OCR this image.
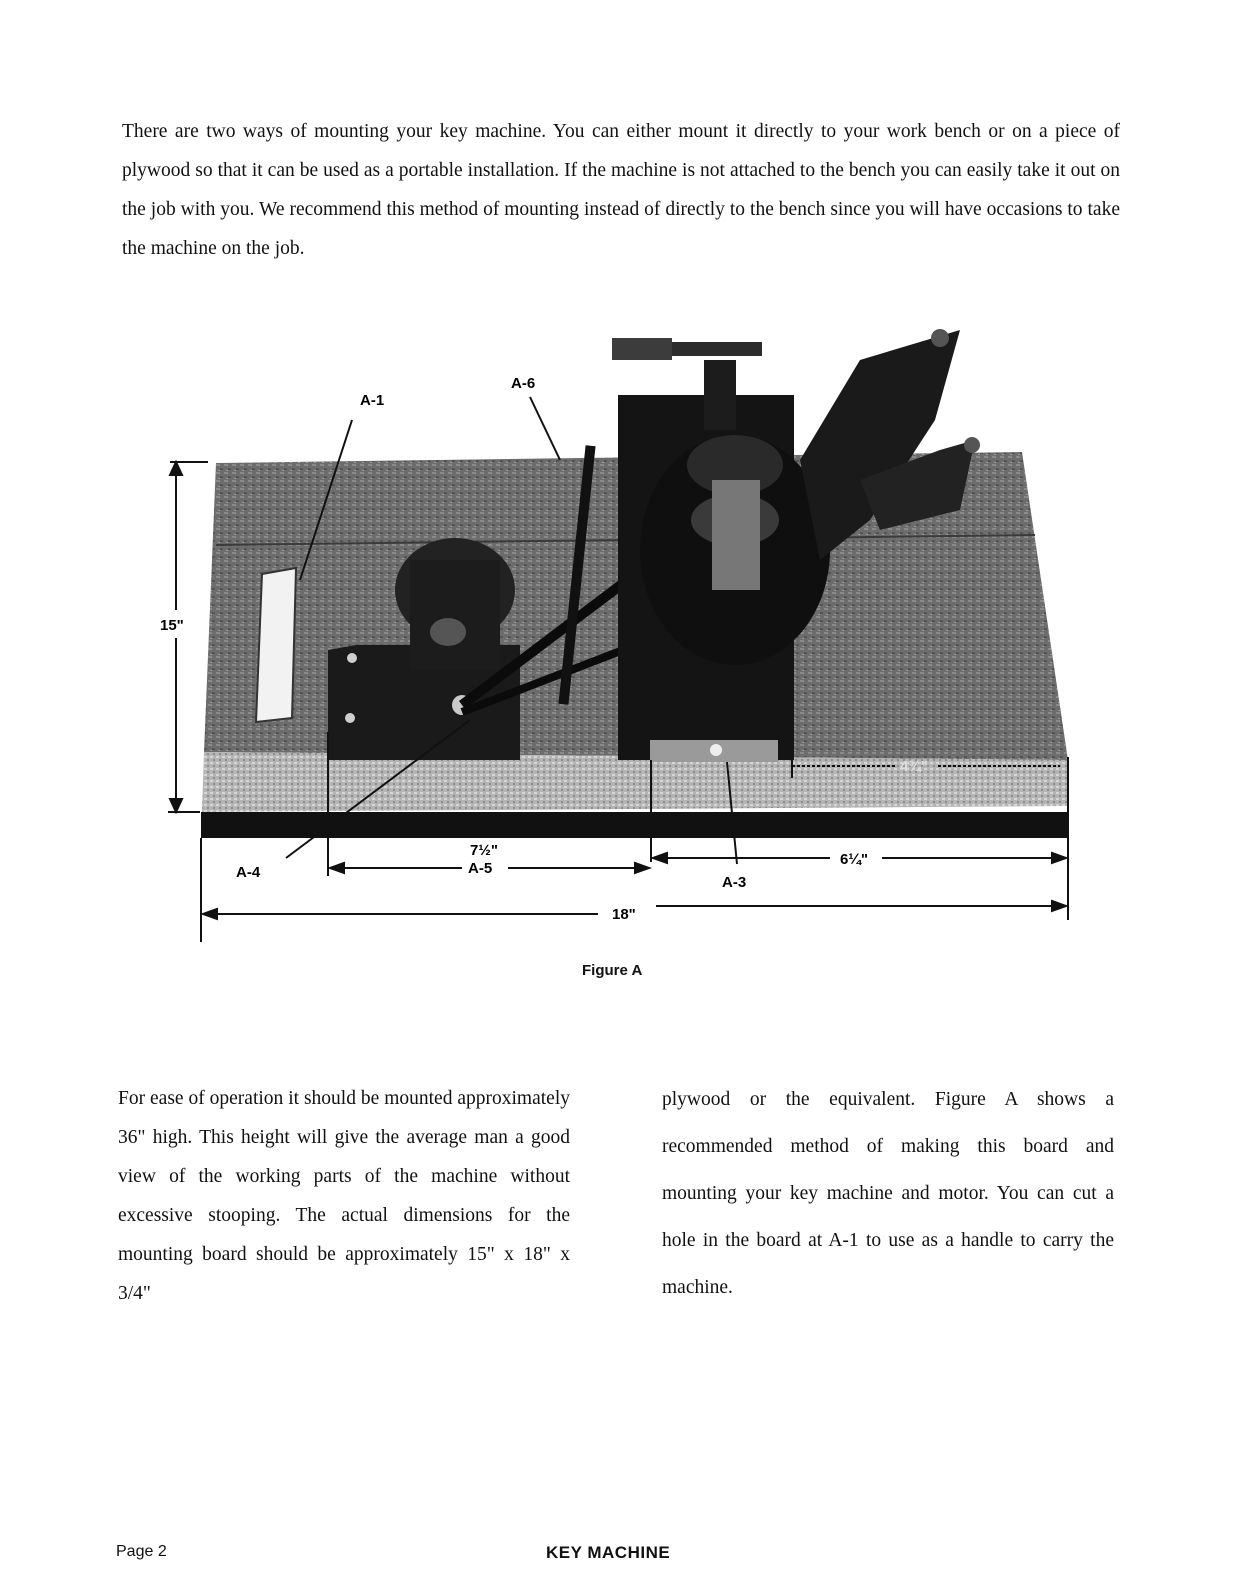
There are two ways of mounting your key machine. You can either mount it directly to your work bench or on a piece of plywood so that it can be used as a portable installation. If the machine is not attached to the bench you can easily take it out on the job with you. We recommend this method of mounting instead of directly to the bench since you will have occasions to take the machine on the job.

A-1
A-6
A-4	A-5
A-3
15"
7½"
6¼"
4¾"
18"
Figure A

For ease of operation it should be mounted approximately 36" high. This height will give the average man a good view of the working parts of the machine without excessive stooping. The actual dimensions for the mounting board should be approximately 15" x 18" x 3/4"

plywood or the equivalent. Figure A shows a recommended method of making this board and mounting your key machine and motor. You can cut a hole in the board at A-1 to use as a handle to carry the machine.

Page 2	KEY MACHINE
